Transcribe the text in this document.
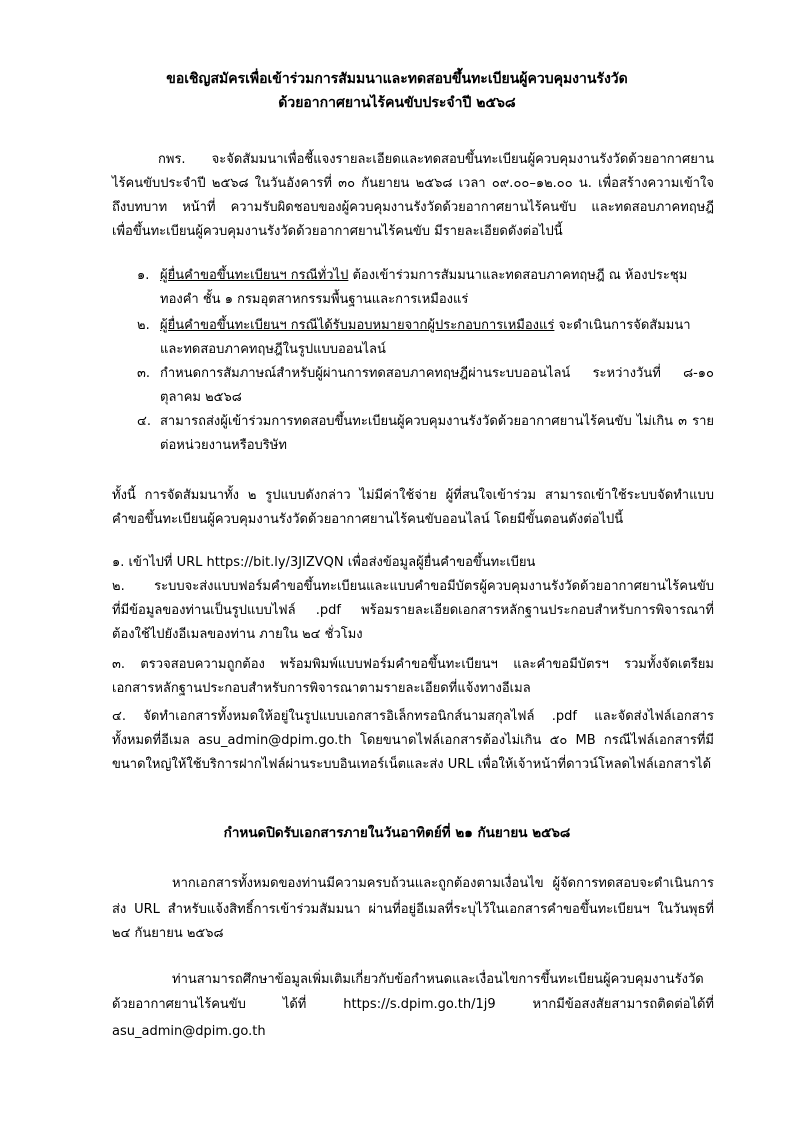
ขอเชิญสมัครเพื่อเข้าร่วมการสัมมนาและทดสอบขึ้นทะเบียนผู้ควบคุมงานรังวัด
ด้วยอากาศยานไร้คนขับประจำปี ๒๕๖๘
กพร. จะจัดสัมมนาเพื่อชี้แจงรายละเอียดและทดสอบขึ้นทะเบียนผู้ควบคุมงานรังวัดด้วยอากาศยาน
ไร้คนขับประจำปี ๒๕๖๘ ในวันอังคารที่ ๓๐ กันยายน ๒๕๖๘ เวลา ๐๙.๐๐–๑๒.๐๐ น. เพื่อสร้างความเข้าใจ
ถึงบทบาท หน้าที่ ความรับผิดชอบของผู้ควบคุมงานรังวัดด้วยอากาศยานไร้คนขับ และทดสอบภาคทฤษฎี
เพื่อขึ้นทะเบียนผู้ควบคุมงานรังวัดด้วยอากาศยานไร้คนขับ มีรายละเอียดดังต่อไปนี้
๑. ผู้ยื่นคำขอขึ้นทะเบียนฯ กรณีทั่วไป ต้องเข้าร่วมการสัมมนาและทดสอบภาคทฤษฎี ณ ห้องประชุม
ทองคำ ชั้น ๑ กรมอุตสาหกรรมพื้นฐานและการเหมืองแร่
๒. ผู้ยื่นคำขอขึ้นทะเบียนฯ กรณีได้รับมอบหมายจากผู้ประกอบการเหมืองแร่ จะดำเนินการจัดสัมมนา
และทดสอบภาคทฤษฎีในรูปแบบออนไลน์
๓. กำหนดการสัมภาษณ์สำหรับผู้ผ่านการทดสอบภาคทฤษฎีผ่านระบบออนไลน์ ระหว่างวันที่ ๘-๑๐
ตุลาคม ๒๕๖๘
๔. สามารถส่งผู้เข้าร่วมการทดสอบขึ้นทะเบียนผู้ควบคุมงานรังวัดด้วยอากาศยานไร้คนขับ ไม่เกิน ๓ ราย
ต่อหน่วยงานหรือบริษัท
ทั้งนี้ การจัดสัมมนาทั้ง ๒ รูปแบบดังกล่าว ไม่มีค่าใช้จ่าย ผู้ที่สนใจเข้าร่วม สามารถเข้าใช้ระบบจัดทำแบบ
คำขอขึ้นทะเบียนผู้ควบคุมงานรังวัดด้วยอากาศยานไร้คนขับออนไลน์ โดยมีขั้นตอนดังต่อไปนี้
๑. เข้าไปที่ URL https://bit.ly/3JIZVQN เพื่อส่งข้อมูลผู้ยื่นคำขอขึ้นทะเบียน
๒. ระบบจะส่งแบบฟอร์มคำขอขึ้นทะเบียนและแบบคำขอมีบัตรผู้ควบคุมงานรังวัดด้วยอากาศยานไร้คนขับ
ที่มีข้อมูลของท่านเป็นรูปแบบไฟล์ .pdf พร้อมรายละเอียดเอกสารหลักฐานประกอบสำหรับการพิจารณาที่
ต้องใช้ไปยังอีเมลของท่าน ภายใน ๒๔ ชั่วโมง
๓. ตรวจสอบความถูกต้อง พร้อมพิมพ์แบบฟอร์มคำขอขึ้นทะเบียนฯ และคำขอมีบัตรฯ รวมทั้งจัดเตรียม
เอกสารหลักฐานประกอบสำหรับการพิจารณาตามรายละเอียดที่แจ้งทางอีเมล
๔. จัดทำเอกสารทั้งหมดให้อยู่ในรูปแบบเอกสารอิเล็กทรอนิกส์นามสกุลไฟล์ .pdf และจัดส่งไฟล์เอกสาร
ทั้งหมดที่อีเมล asu_admin@dpim.go.th โดยขนาดไฟล์เอกสารต้องไม่เกิน ๕๐ MB กรณีไฟล์เอกสารที่มี
ขนาดใหญ่ให้ใช้บริการฝากไฟล์ผ่านระบบอินเทอร์เน็ตและส่ง URL เพื่อให้เจ้าหน้าที่ดาวน์โหลดไฟล์เอกสารได้
กำหนดปิดรับเอกสารภายในวันอาทิตย์ที่ ๒๑ กันยายน ๒๕๖๘
หากเอกสารทั้งหมดของท่านมีความครบถ้วนและถูกต้องตามเงื่อนไข ผู้จัดการทดสอบจะดำเนินการ
ส่ง URL สำหรับแจ้งสิทธิ์การเข้าร่วมสัมมนา ผ่านที่อยู่อีเมลที่ระบุไว้ในเอกสารคำขอขึ้นทะเบียนฯ ในวันพุธที่
๒๔ กันยายน ๒๕๖๘
ท่านสามารถศึกษาข้อมูลเพิ่มเติมเกี่ยวกับข้อกำหนดและเงื่อนไขการขึ้นทะเบียนผู้ควบคุมงานรังวัด
ด้วยอากาศยานไร้คนขับ ได้ที่ https://s.dpim.go.th/1j9 หากมีข้อสงสัยสามารถติดต่อได้ที่
asu_admin@dpim.go.th
